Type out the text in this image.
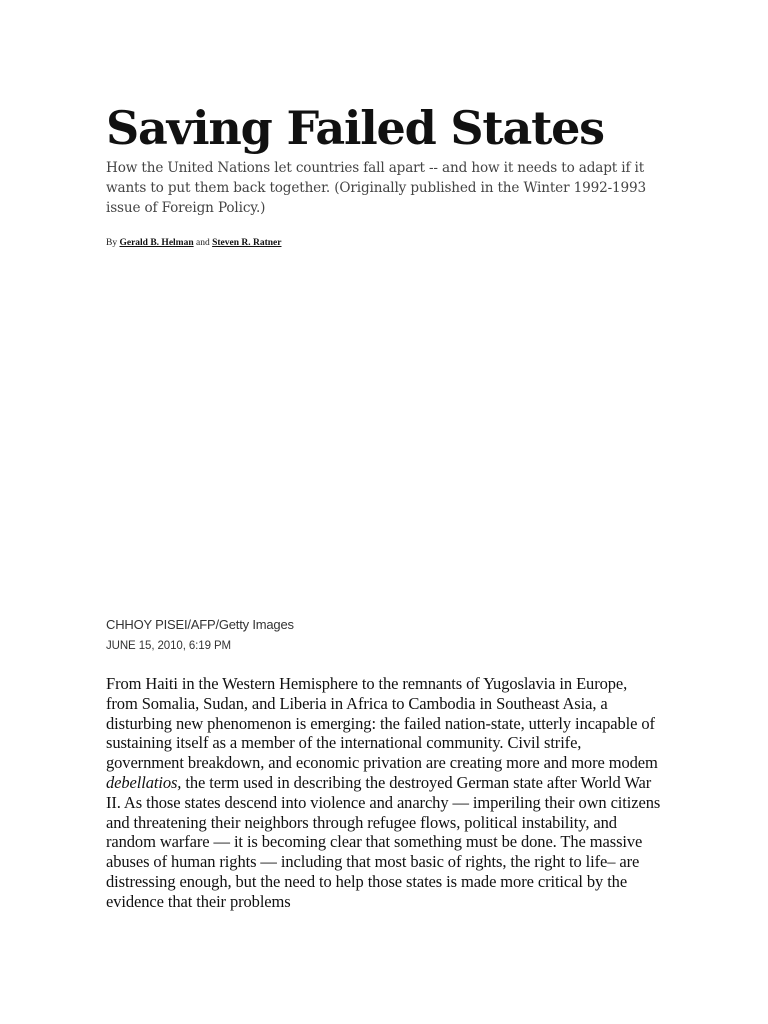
Saving Failed States

How the United Nations let countries fall apart -- and how it needs to adapt if it wants to put them back together. (Originally published in the Winter 1992-1993 issue of Foreign Policy.)

By Gerald B. Helman and Steven R. Ratner
CHHOY PISEI/AFP/Getty Images
JUNE 15, 2010, 6:19 PM

From Haiti in the Western Hemisphere to the remnants of Yugoslavia in Europe, from Somalia, Sudan, and Liberia in Africa to Cambodia in Southeast Asia, a disturbing new phenomenon is emerging: the failed nation-state, utterly incapable of sustaining itself as a member of the international community. Civil strife, government breakdown, and economic privation are creating more and more modem debellatios, the term used in describing the destroyed German state after World War II. As those states descend into violence and anarchy — imperiling their own citizens and threatening their neighbors through refugee flows, political instability, and random warfare — it is becoming clear that something must be done. The massive abuses of human rights — including that most basic of rights, the right to life– are distressing enough, but the need to help those states is made more critical by the evidence that their problems
